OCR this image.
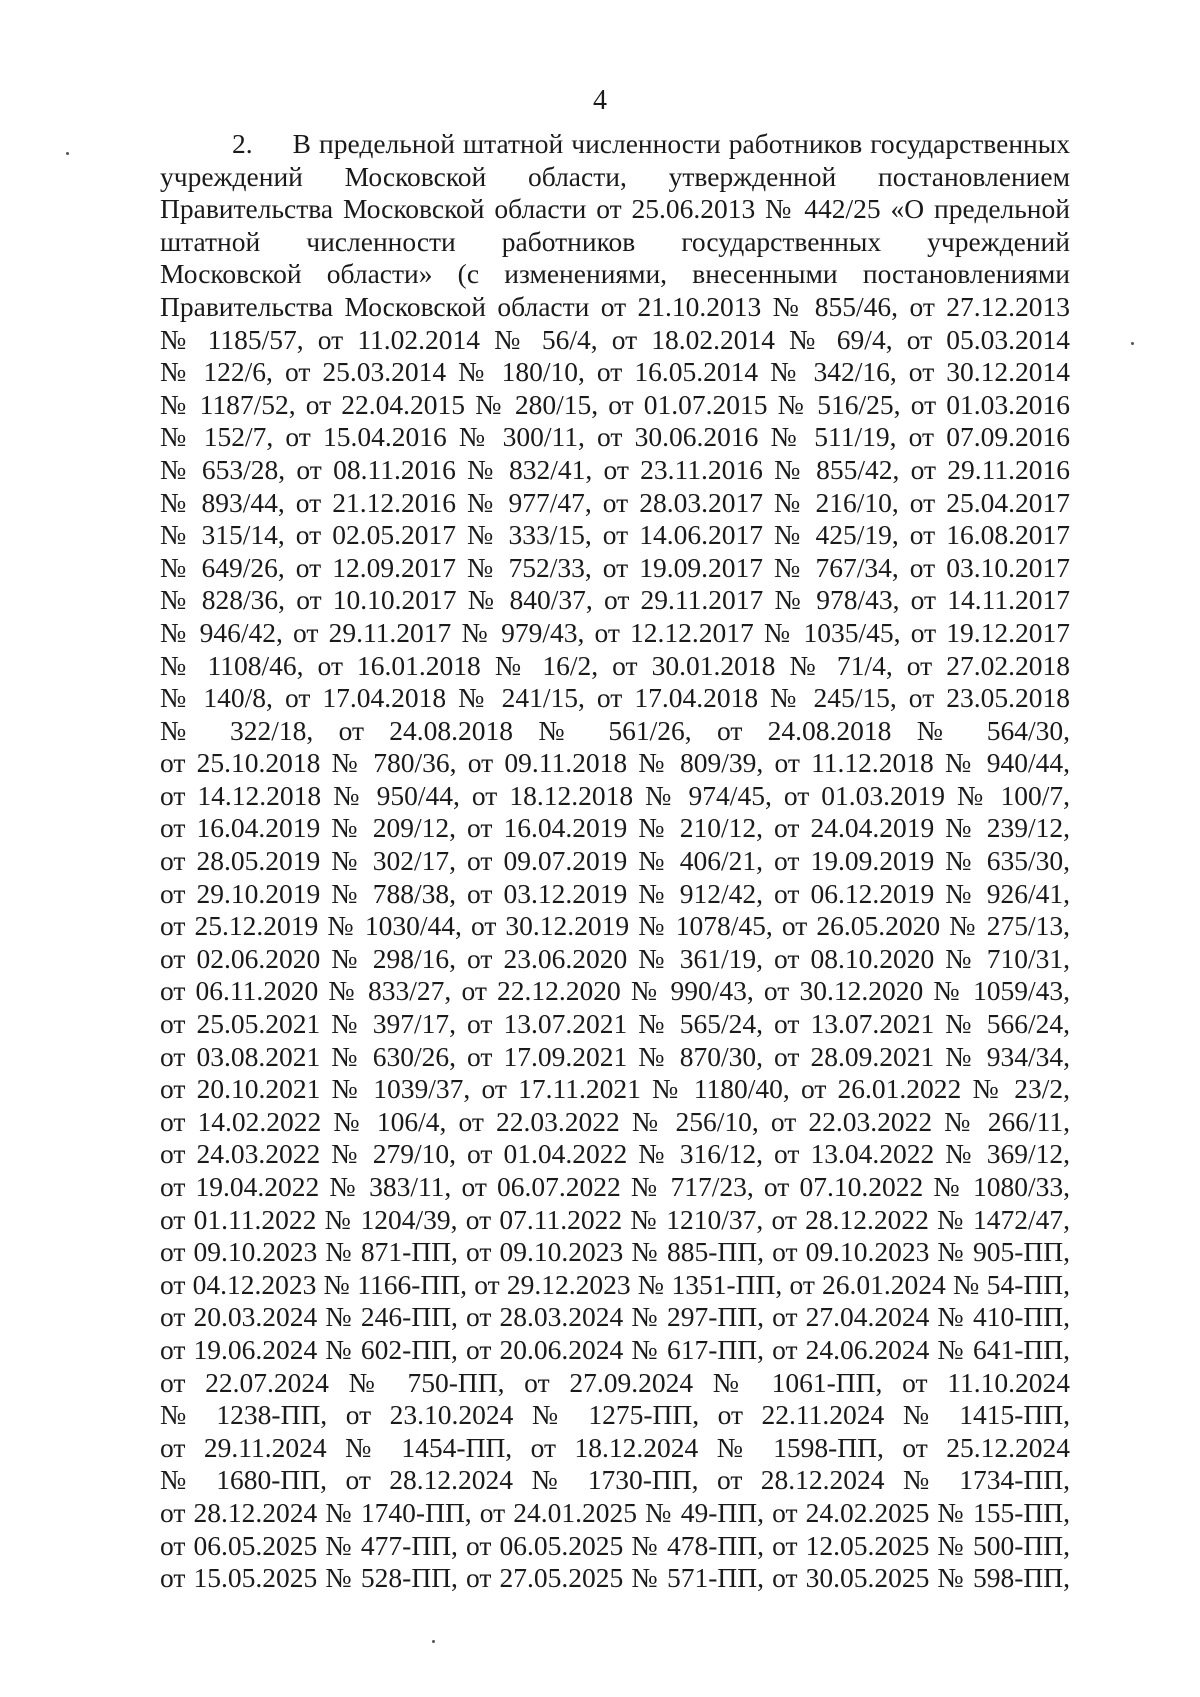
4
2.     В предельной штатной численности работников государственных
учреждений Московской области, утвержденной постановлением
Правительства Московской области от 25.06.2013 № 442/25 «О предельной
штатной численности работников государственных учреждений
Московской области» (с изменениями, внесенными постановлениями
Правительства Московской области от 21.10.2013 № 855/46, от 27.12.2013
№ 1185/57, от 11.02.2014 № 56/4, от 18.02.2014 № 69/4, от 05.03.2014
№ 122/6, от 25.03.2014 № 180/10, от 16.05.2014 № 342/16, от 30.12.2014
№ 1187/52, от 22.04.2015 № 280/15, от 01.07.2015 № 516/25, от 01.03.2016
№ 152/7, от 15.04.2016 № 300/11, от 30.06.2016 № 511/19, от 07.09.2016
№ 653/28, от 08.11.2016 № 832/41, от 23.11.2016 № 855/42, от 29.11.2016
№ 893/44, от 21.12.2016 № 977/47, от 28.03.2017 № 216/10, от 25.04.2017
№ 315/14, от 02.05.2017 № 333/15, от 14.06.2017 № 425/19, от 16.08.2017
№ 649/26, от 12.09.2017 № 752/33, от 19.09.2017 № 767/34, от 03.10.2017
№ 828/36, от 10.10.2017 № 840/37, от 29.11.2017 № 978/43, от 14.11.2017
№ 946/42, от 29.11.2017 № 979/43, от 12.12.2017 № 1035/45, от 19.12.2017
№ 1108/46, от 16.01.2018 № 16/2, от 30.01.2018 № 71/4, от 27.02.2018
№ 140/8, от 17.04.2018 № 241/15, от 17.04.2018 № 245/15, от 23.05.2018
№ 322/18, от 24.08.2018 № 561/26, от 24.08.2018 № 564/30,
от 25.10.2018 № 780/36, от 09.11.2018 № 809/39, от 11.12.2018 № 940/44,
от 14.12.2018 № 950/44, от 18.12.2018 № 974/45, от 01.03.2019 № 100/7,
от 16.04.2019 № 209/12, от 16.04.2019 № 210/12, от 24.04.2019 № 239/12,
от 28.05.2019 № 302/17, от 09.07.2019 № 406/21, от 19.09.2019 № 635/30,
от 29.10.2019 № 788/38, от 03.12.2019 № 912/42, от 06.12.2019 № 926/41,
от 25.12.2019 № 1030/44, от 30.12.2019 № 1078/45, от 26.05.2020 № 275/13,
от 02.06.2020 № 298/16, от 23.06.2020 № 361/19, от 08.10.2020 № 710/31,
от 06.11.2020 № 833/27, от 22.12.2020 № 990/43, от 30.12.2020 № 1059/43,
от 25.05.2021 № 397/17, от 13.07.2021 № 565/24, от 13.07.2021 № 566/24,
от 03.08.2021 № 630/26, от 17.09.2021 № 870/30, от 28.09.2021 № 934/34,
от 20.10.2021 № 1039/37, от 17.11.2021 № 1180/40, от 26.01.2022 № 23/2,
от 14.02.2022 № 106/4, от 22.03.2022 № 256/10, от 22.03.2022 № 266/11,
от 24.03.2022 № 279/10, от 01.04.2022 № 316/12, от 13.04.2022 № 369/12,
от 19.04.2022 № 383/11, от 06.07.2022 № 717/23, от 07.10.2022 № 1080/33,
от 01.11.2022 № 1204/39, от 07.11.2022 № 1210/37, от 28.12.2022 № 1472/47,
от 09.10.2023 № 871-ПП, от 09.10.2023 № 885-ПП, от 09.10.2023 № 905-ПП,
от 04.12.2023 № 1166-ПП, от 29.12.2023 № 1351-ПП, от 26.01.2024 № 54-ПП,
от 20.03.2024 № 246-ПП, от 28.03.2024 № 297-ПП, от 27.04.2024 № 410-ПП,
от 19.06.2024 № 602-ПП, от 20.06.2024 № 617-ПП, от 24.06.2024 № 641-ПП,
от 22.07.2024 № 750-ПП, от 27.09.2024 № 1061-ПП, от 11.10.2024
№ 1238-ПП, от 23.10.2024 № 1275-ПП, от 22.11.2024 № 1415-ПП,
от 29.11.2024 № 1454-ПП, от 18.12.2024 № 1598-ПП, от 25.12.2024
№ 1680-ПП, от 28.12.2024 № 1730-ПП, от 28.12.2024 № 1734-ПП,
от 28.12.2024 № 1740-ПП, от 24.01.2025 № 49-ПП, от 24.02.2025 № 155-ПП,
от 06.05.2025 № 477-ПП, от 06.05.2025 № 478-ПП, от 12.05.2025 № 500-ПП,
от 15.05.2025 № 528-ПП, от 27.05.2025 № 571-ПП, от 30.05.2025 № 598-ПП,
